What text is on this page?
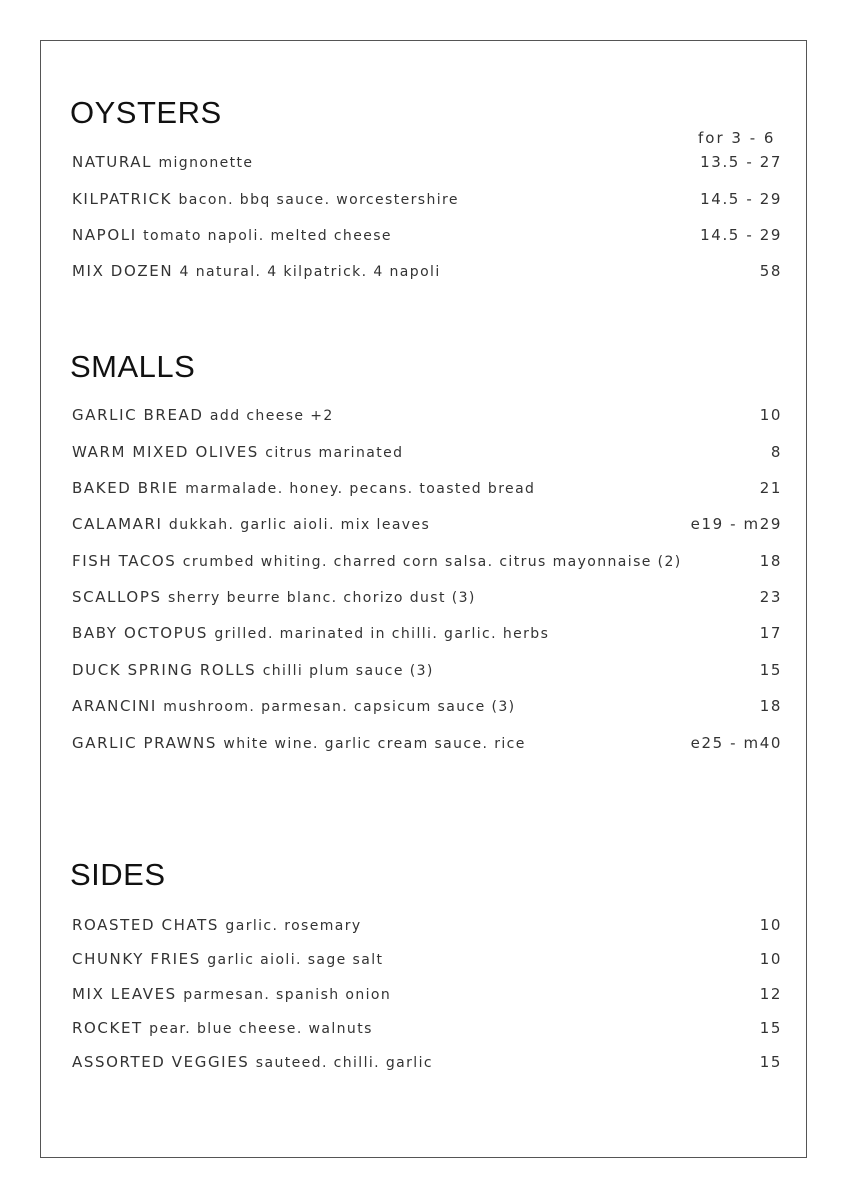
OYSTERS
for 3 - 6
NATURAL mignonette	13.5 - 27
KILPATRICK bacon. bbq sauce. worcestershire	14.5 - 29
NAPOLI tomato napoli. melted cheese	14.5 - 29
MIX DOZEN 4 natural. 4 kilpatrick. 4 napoli	58
SMALLS
GARLIC BREAD add cheese +2	10
WARM MIXED OLIVES citrus marinated	8
BAKED BRIE marmalade. honey. pecans. toasted bread	21
CALAMARI dukkah. garlic aioli. mix leaves	e19 - m29
FISH TACOS crumbed whiting. charred corn salsa. citrus mayonnaise (2)	18
SCALLOPS sherry beurre blanc. chorizo dust (3)	23
BABY OCTOPUS grilled. marinated in chilli. garlic. herbs	17
DUCK SPRING ROLLS chilli plum sauce (3)	15
ARANCINI mushroom. parmesan. capsicum sauce (3)	18
GARLIC PRAWNS white wine. garlic cream sauce. rice	e25 - m40
SIDES
ROASTED CHATS garlic. rosemary	10
CHUNKY FRIES garlic aioli. sage salt	10
MIX LEAVES parmesan. spanish onion	12
ROCKET pear. blue cheese. walnuts	15
ASSORTED VEGGIES sauteed. chilli. garlic	15
